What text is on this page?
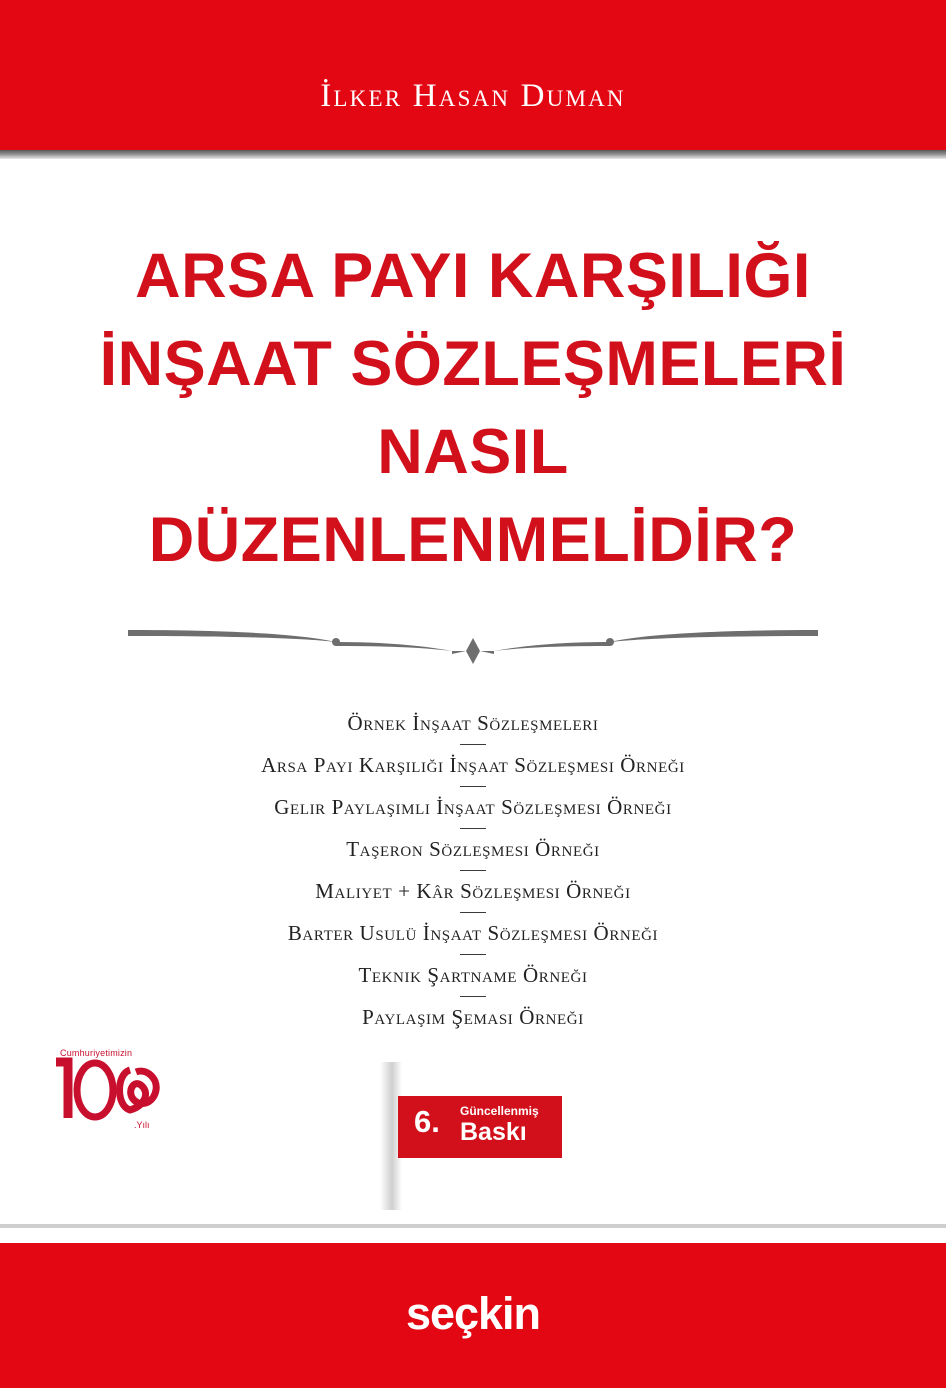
İlker Hasan Duman
ARSA PAYI KARŞILIĞI
İNŞAAT SÖZLEŞMELERİ
NASIL
DÜZENLENMELİDİR?
Örnek İnşaat Sözleşmeleri
Arsa Payı Karşılığı İnşaat Sözleşmesi Örneği
Gelir Paylaşımlı İnşaat Sözleşmesi Örneği
Taşeron Sözleşmesi Örneği
Maliyet + Kâr Sözleşmesi Örneği
Barter Usulü İnşaat Sözleşmesi Örneği
Teknik Şartname Örneği
Paylaşım Şeması Örneği
Cumhuriyetimizin
.Yılı	6. Güncellenmiş
Baskı
seçkin
